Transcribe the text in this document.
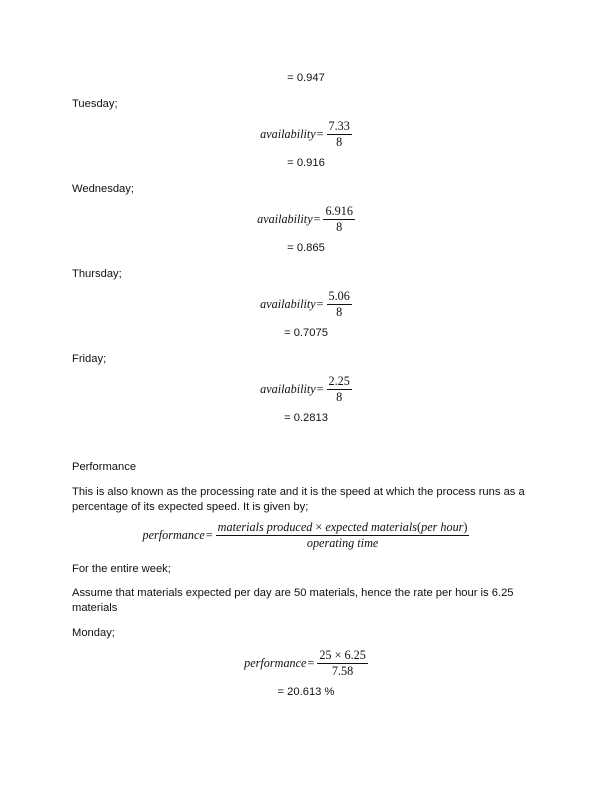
= 0.947
Tuesday;
availability = $\frac{7.33}{8}$
= 0.916
Wednesday;
availability = $\frac{6.916}{8}$
= 0.865
Thursday;
availability = $\frac{5.06}{8}$
= 0.7075
Friday;
availability = $\frac{2.25}{8}$
= 0.2813
Performance
This is also known as the processing rate and it is the speed at which the process runs as a percentage of its expected speed. It is given by;
performance = $\frac{\text{materials produced × expected materials(per hour)}}{\text{operating time}}$
For the entire week;
Assume that materials expected per day are 50 materials, hence the rate per hour is 6.25 materials
Monday;
performance = $\frac{25 \times 6.25}{7.58}$
= 20.613 %
